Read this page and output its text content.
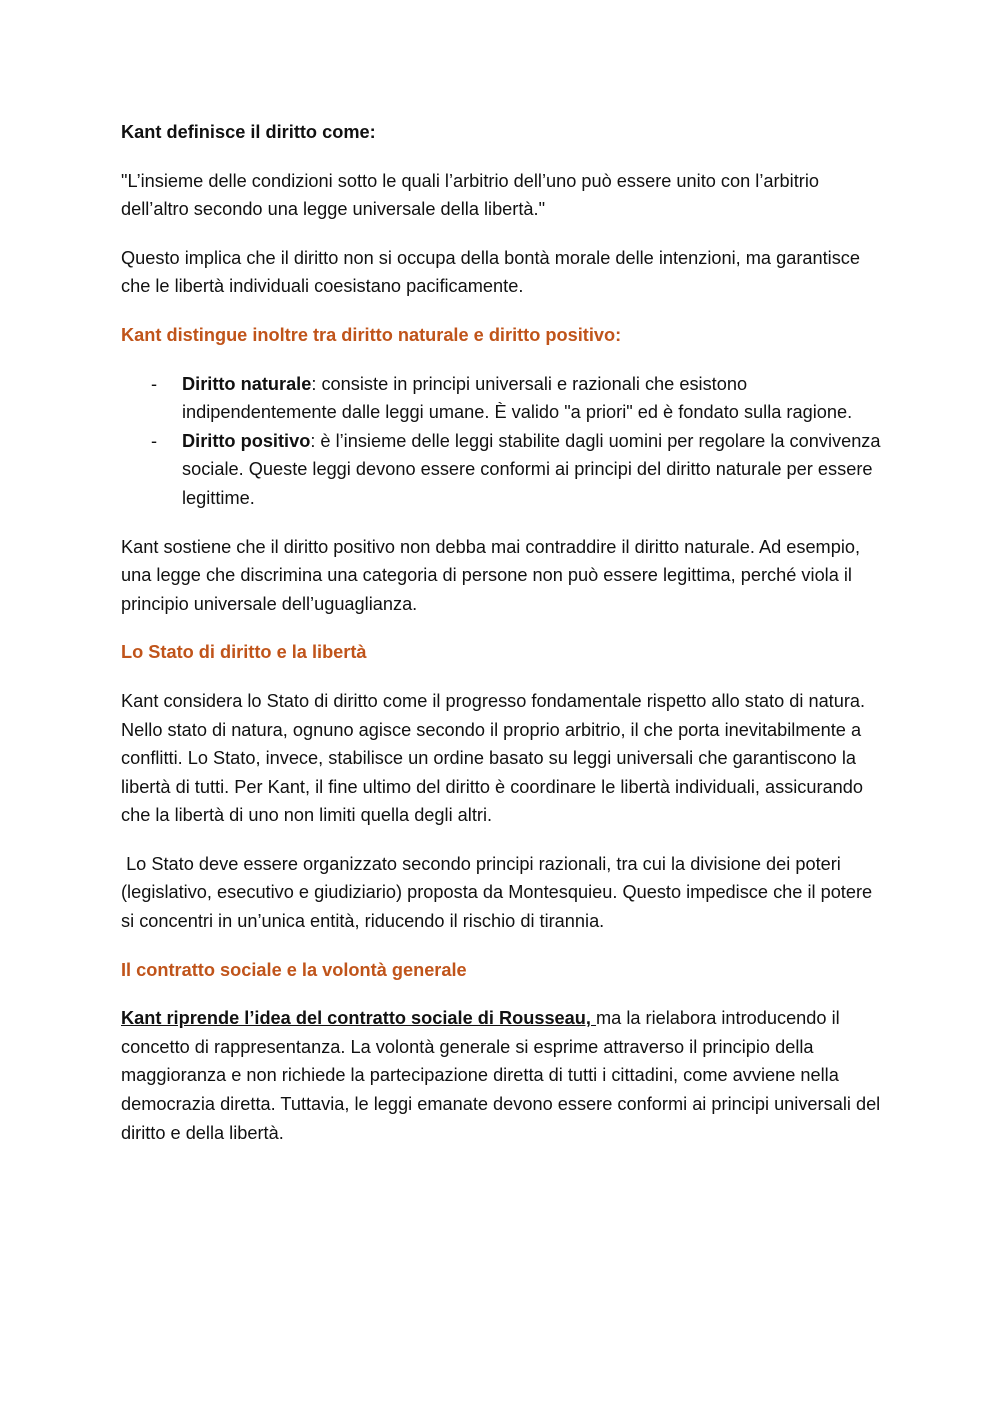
Kant definisce il diritto come:

"L’insieme delle condizioni sotto le quali l’arbitrio dell’uno può essere unito con l’arbitrio dell’altro secondo una legge universale della libertà."

Questo implica che il diritto non si occupa della bontà morale delle intenzioni, ma garantisce che le libertà individuali coesistano pacificamente.

Kant distingue inoltre tra diritto naturale e diritto positivo:

- Diritto naturale: consiste in principi universali e razionali che esistono indipendentemente dalle leggi umane. È valido "a priori" ed è fondato sulla ragione.
- Diritto positivo: è l’insieme delle leggi stabilite dagli uomini per regolare la convivenza sociale. Queste leggi devono essere conformi ai principi del diritto naturale per essere legittime.

Kant sostiene che il diritto positivo non debba mai contraddire il diritto naturale. Ad esempio, una legge che discrimina una categoria di persone non può essere legittima, perché viola il principio universale dell’uguaglianza.

Lo Stato di diritto e la libertà

Kant considera lo Stato di diritto come il progresso fondamentale rispetto allo stato di natura. Nello stato di natura, ognuno agisce secondo il proprio arbitrio, il che porta inevitabilmente a conflitti. Lo Stato, invece, stabilisce un ordine basato su leggi universali che garantiscono la libertà di tutti. Per Kant, il fine ultimo del diritto è coordinare le libertà individuali, assicurando che la libertà di uno non limiti quella degli altri.

Lo Stato deve essere organizzato secondo principi razionali, tra cui la divisione dei poteri (legislativo, esecutivo e giudiziario) proposta da Montesquieu. Questo impedisce che il potere si concentri in un’unica entità, riducendo il rischio di tirannia.

Il contratto sociale e la volontà generale

Kant riprende l’idea del contratto sociale di Rousseau, ma la rielabora introducendo il concetto di rappresentanza. La volontà generale si esprime attraverso il principio della maggioranza e non richiede la partecipazione diretta di tutti i cittadini, come avviene nella democrazia diretta. Tuttavia, le leggi emanate devono essere conformi ai principi universali del diritto e della libertà.
